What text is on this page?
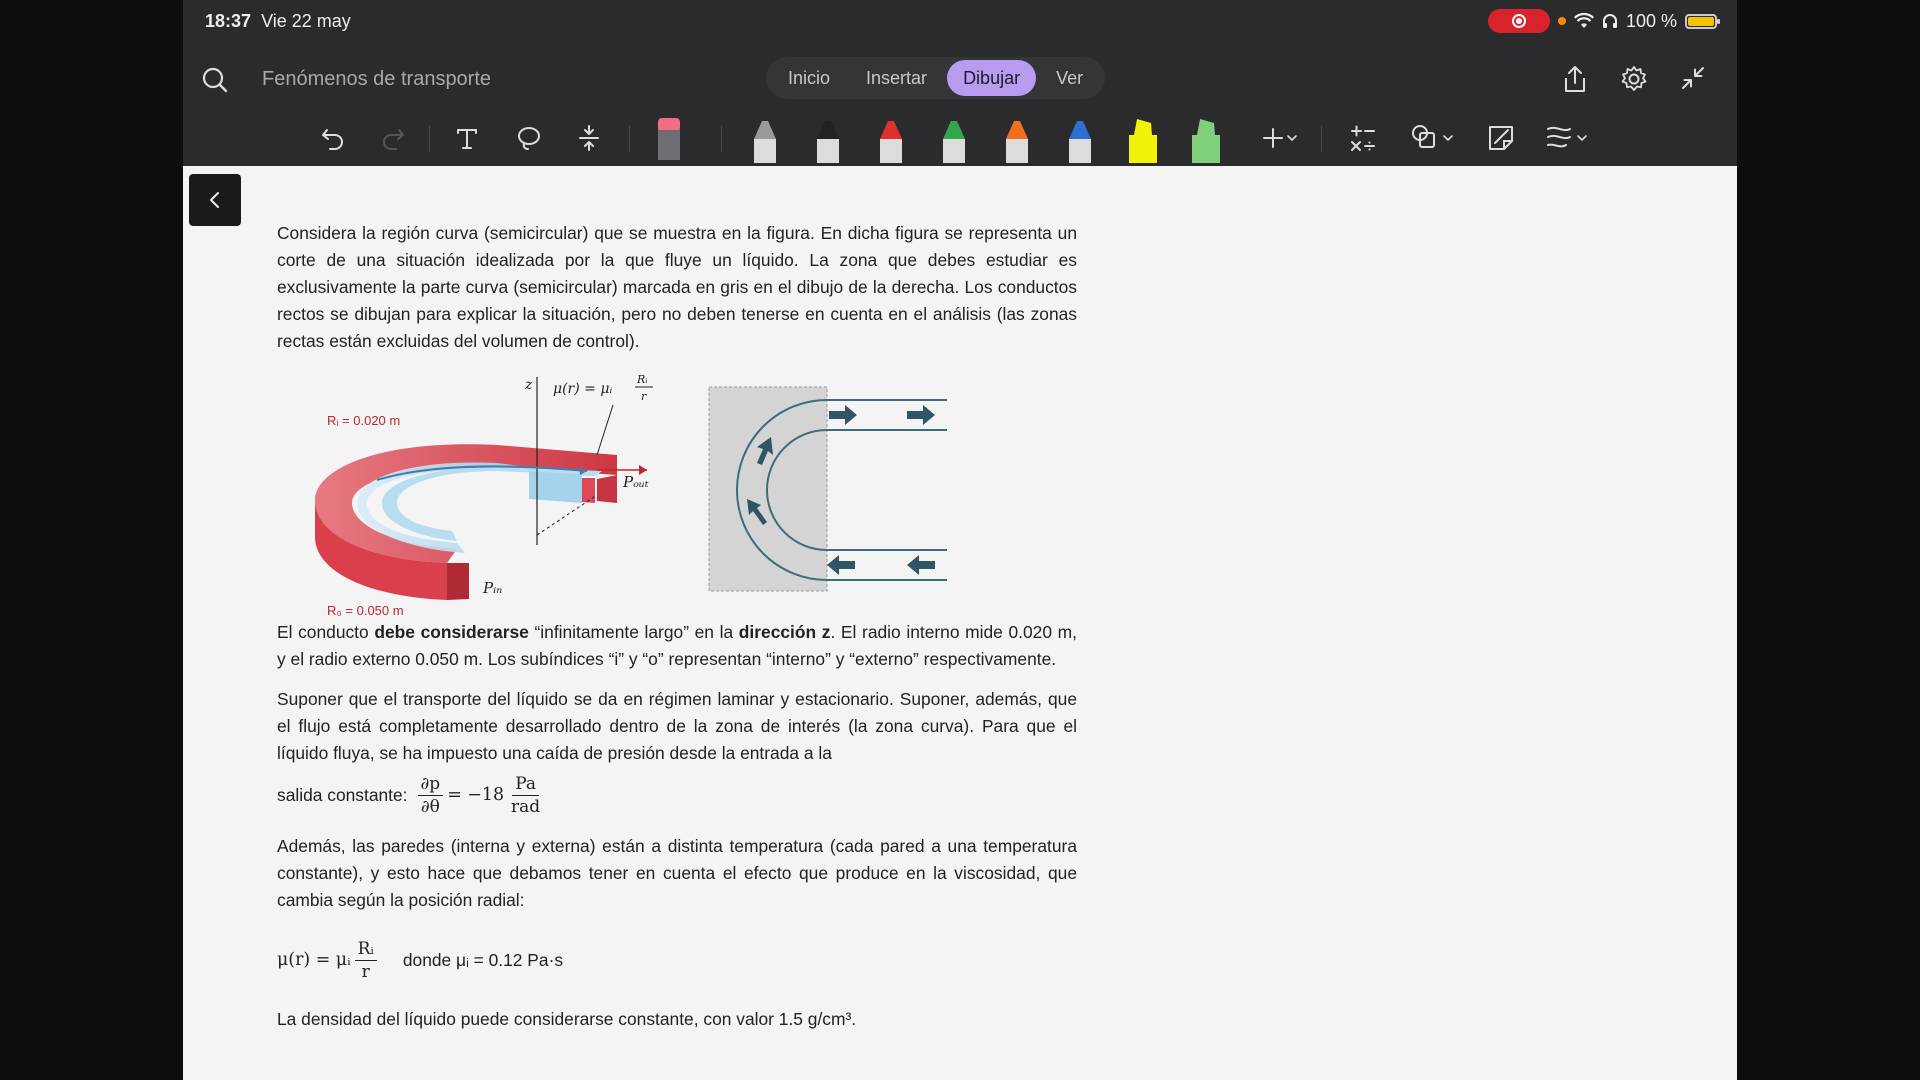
18:37 Vie 22 may	100 %
Fenómenos de transporte	Inicio	Insertar	Dibujar	Ver

Considera la región curva (semicircular) que se muestra en la figura. En dicha figura se representa un corte de una situación idealizada por la que fluye un líquido. La zona que debes estudiar es exclusivamente la parte curva (semicircular) marcada en gris en el dibujo de la derecha. Los conductos rectos se dibujan para explicar la situación, pero no deben tenerse en cuenta en el análisis (las zonas rectas están excluidas del volumen de control).

z μ(r) = μᵢ
Rᵢ
r
Rᵢ = 0.020 m
R₀ = 0.050 m
Pₒᵤₜ
Pᵢₙ

El conducto debe considerarse “infinitamente largo” en la dirección z. El radio interno mide 0.020 m, y el radio externo 0.050 m. Los subíndices “i” y “o” representan “interno” y “externo” respectivamente.

Suponer que el transporte del líquido se da en régimen laminar y estacionario. Suponer, además, que el flujo está completamente desarrollado dentro de la zona de interés (la zona curva). Para que el líquido fluya, se ha impuesto una caída de presión desde la entrada a la

salida constante: $\frac{\partial p}{\partial\theta} = -18 \frac{Pa}{\text{rad}}$

Además, las paredes (interna y externa) están a distinta temperatura (cada pared a una temperatura constante), y esto hace que debamos tener en cuenta el efecto que produce en la viscosidad, que cambia según la posición radial:

μ(r) = μᵢ $\frac{\text{Rᵢ}}{r}$ donde μᵢ = 0.12 Pa·s

La densidad del líquido puede considerarse constante, con valor 1.5 g/cm³.
